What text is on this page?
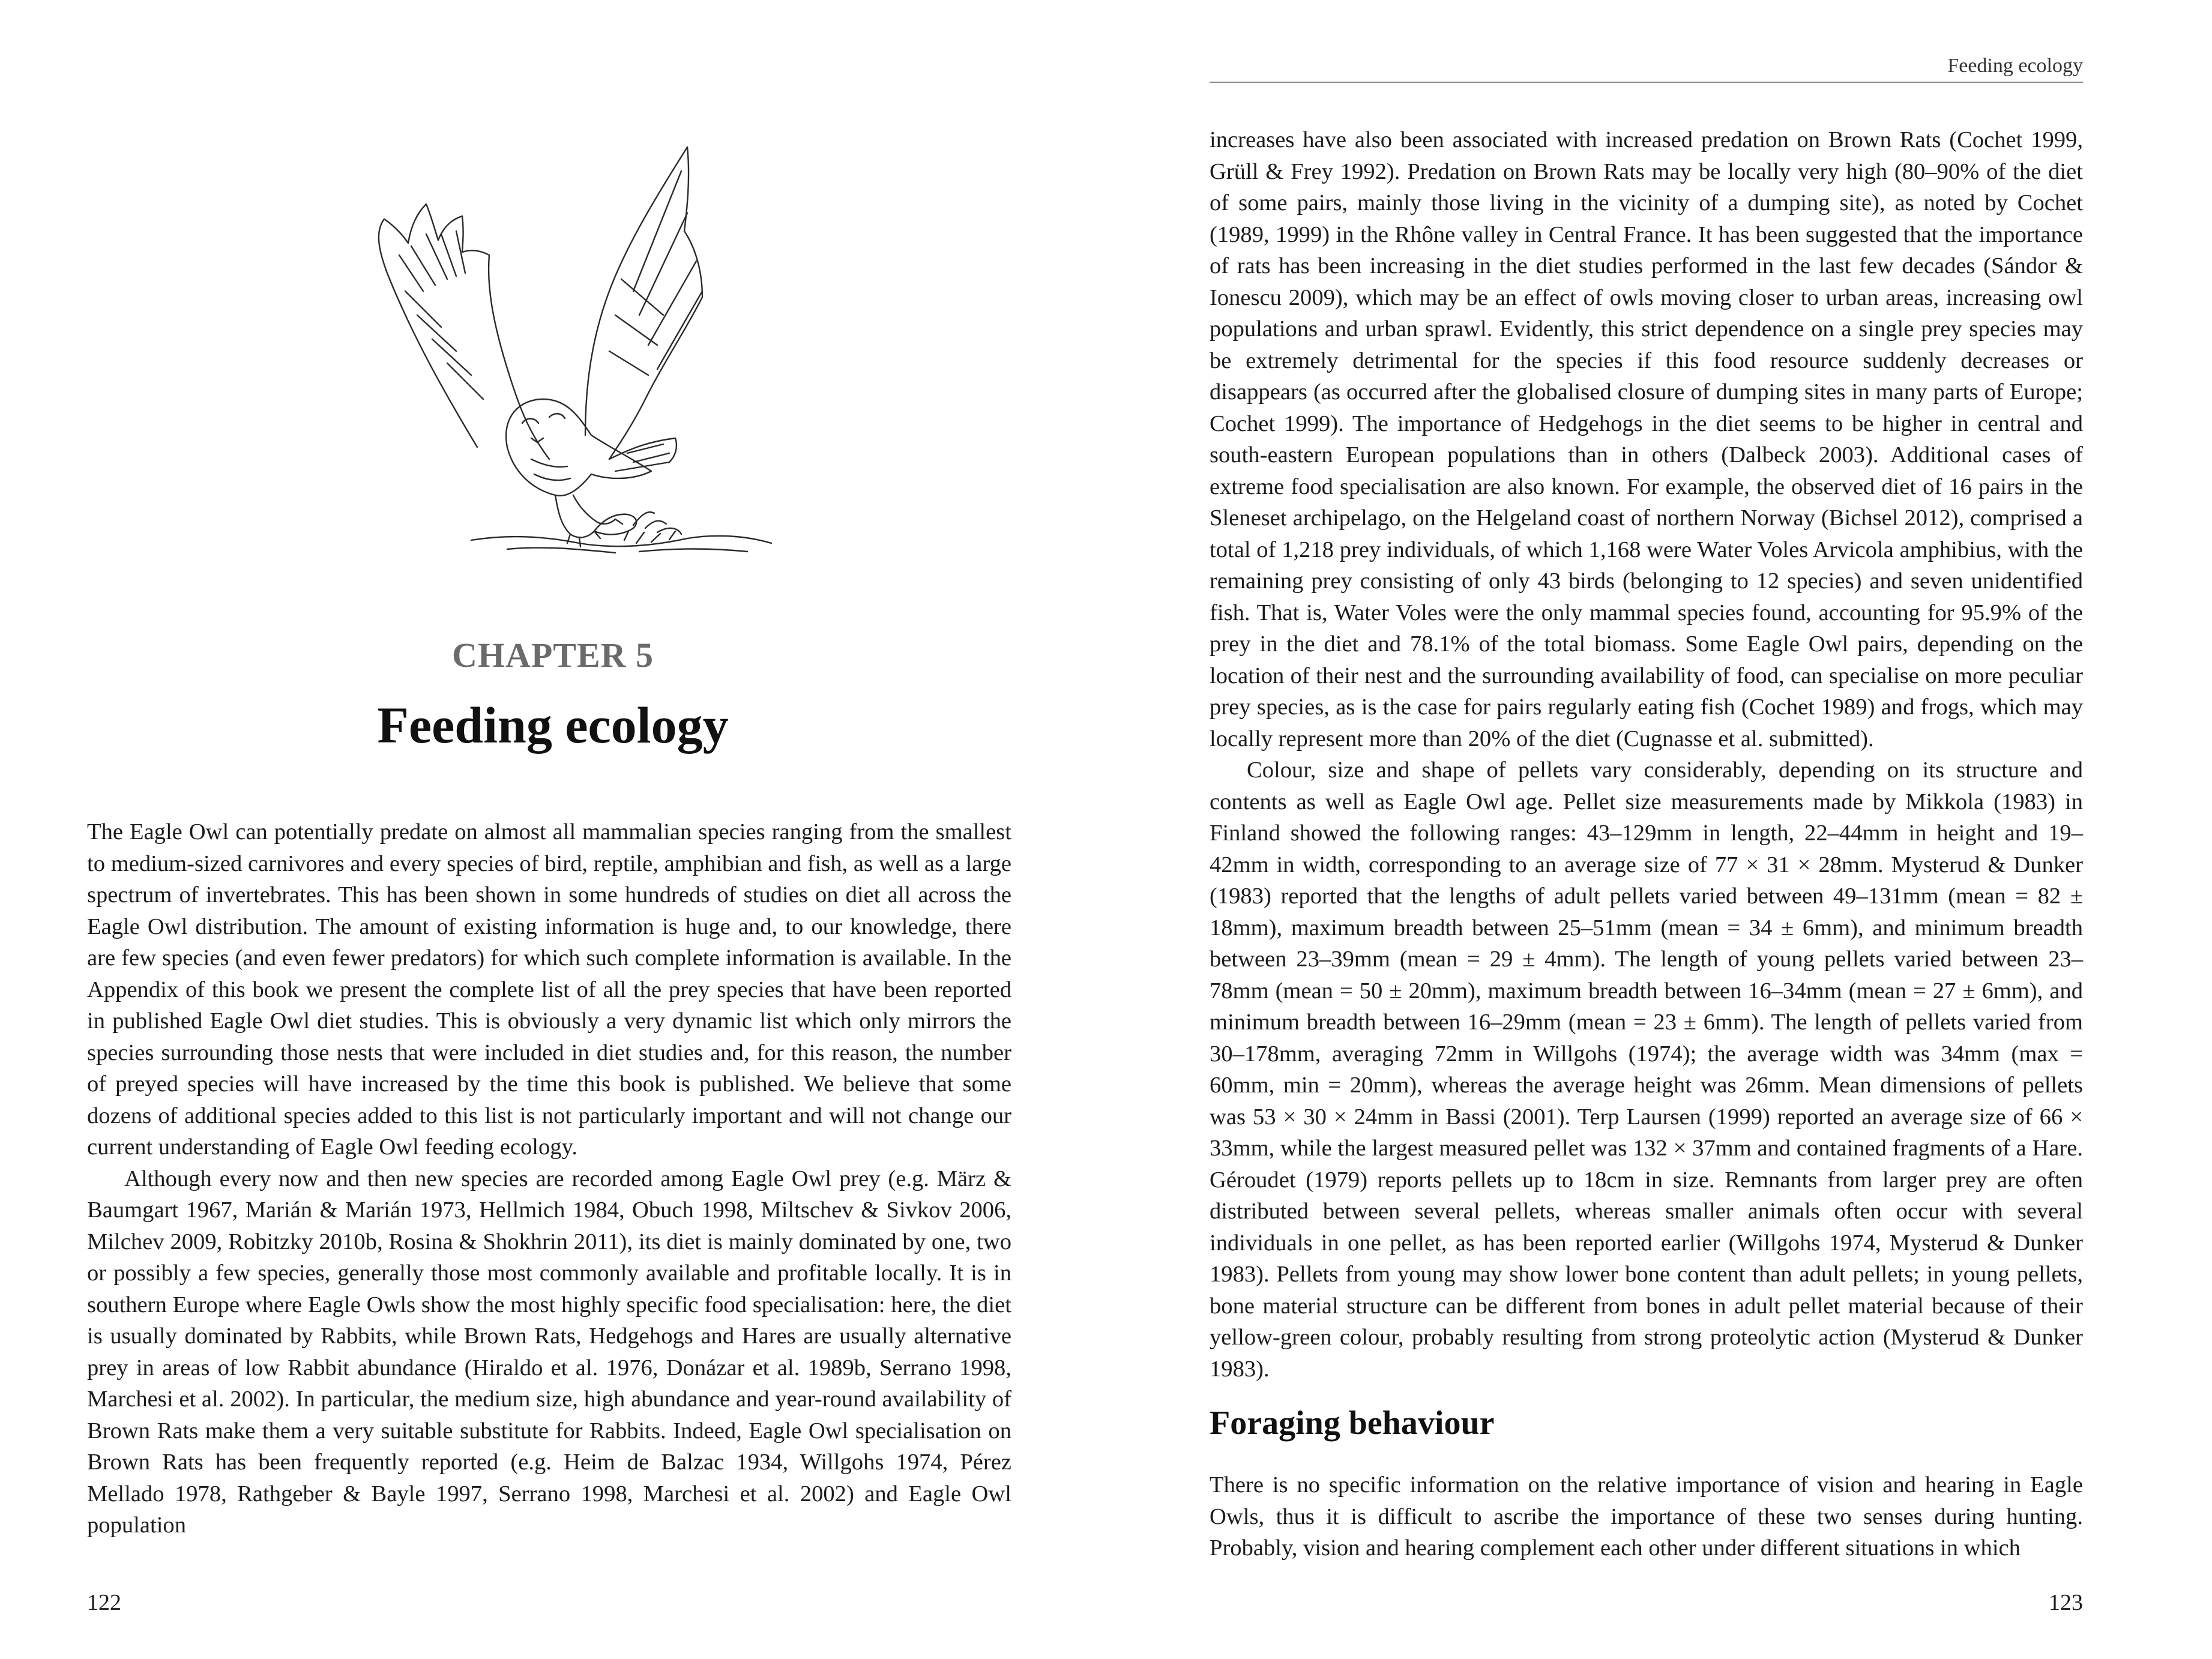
CHAPTER 5
Feeding ecology

The Eagle Owl can potentially predate on almost all mammalian species ranging from the smallest to medium-sized carnivores and every species of bird, reptile, amphibian and fish, as well as a large spectrum of invertebrates. This has been shown in some hundreds of studies on diet all across the Eagle Owl distribution. The amount of existing information is huge and, to our knowledge, there are few species (and even fewer predators) for which such complete information is available. In the Appendix of this book we present the complete list of all the prey species that have been reported in published Eagle Owl diet studies. This is obviously a very dynamic list which only mirrors the species surrounding those nests that were included in diet studies and, for this reason, the number of preyed species will have increased by the time this book is published. We believe that some dozens of additional species added to this list is not particularly important and will not change our current understanding of Eagle Owl feeding ecology.

Although every now and then new species are recorded among Eagle Owl prey (e.g. März & Baumgart 1967, Marián & Marián 1973, Hellmich 1984, Obuch 1998, Miltschev & Sivkov 2006, Milchev 2009, Robitzky 2010b, Rosina & Shokhrin 2011), its diet is mainly dominated by one, two or possibly a few species, generally those most commonly available and profitable locally. It is in southern Europe where Eagle Owls show the most highly specific food specialisation: here, the diet is usually dominated by Rabbits, while Brown Rats, Hedgehogs and Hares are usually alternative prey in areas of low Rabbit abundance (Hiraldo et al. 1976, Donázar et al. 1989b, Serrano 1998, Marchesi et al. 2002). In particular, the medium size, high abundance and year-round availability of Brown Rats make them a very suitable substitute for Rabbits. Indeed, Eagle Owl specialisation on Brown Rats has been frequently reported (e.g. Heim de Balzac 1934, Willgohs 1974, Pérez Mellado 1978, Rathgeber & Bayle 1997, Serrano 1998, Marchesi et al. 2002) and Eagle Owl population

122
Feeding ecology

increases have also been associated with increased predation on Brown Rats (Cochet 1999, Grüll & Frey 1992). Predation on Brown Rats may be locally very high (80–90% of the diet of some pairs, mainly those living in the vicinity of a dumping site), as noted by Cochet (1989, 1999) in the Rhône valley in Central France. It has been suggested that the importance of rats has been increasing in the diet studies performed in the last few decades (Sándor & Ionescu 2009), which may be an effect of owls moving closer to urban areas, increasing owl populations and urban sprawl. Evidently, this strict dependence on a single prey species may be extremely detrimental for the species if this food resource suddenly decreases or disappears (as occurred after the globalised closure of dumping sites in many parts of Europe; Cochet 1999). The importance of Hedgehogs in the diet seems to be higher in central and south-eastern European populations than in others (Dalbeck 2003). Additional cases of extreme food specialisation are also known. For example, the observed diet of 16 pairs in the Sleneset archipelago, on the Helgeland coast of northern Norway (Bichsel 2012), comprised a total of 1,218 prey individuals, of which 1,168 were Water Voles Arvicola amphibius, with the remaining prey consisting of only 43 birds (belonging to 12 species) and seven unidentified fish. That is, Water Voles were the only mammal species found, accounting for 95.9% of the prey in the diet and 78.1% of the total biomass. Some Eagle Owl pairs, depending on the location of their nest and the surrounding availability of food, can specialise on more peculiar prey species, as is the case for pairs regularly eating fish (Cochet 1989) and frogs, which may locally represent more than 20% of the diet (Cugnasse et al. submitted).

Colour, size and shape of pellets vary considerably, depending on its structure and contents as well as Eagle Owl age. Pellet size measurements made by Mikkola (1983) in Finland showed the following ranges: 43–129mm in length, 22–44mm in height and 19–42mm in width, corresponding to an average size of 77 × 31 × 28mm. Mysterud & Dunker (1983) reported that the lengths of adult pellets varied between 49–131mm (mean = 82 ± 18mm), maximum breadth between 25–51mm (mean = 34 ± 6mm), and minimum breadth between 23–39mm (mean = 29 ± 4mm). The length of young pellets varied between 23–78mm (mean = 50 ± 20mm), maximum breadth between 16–34mm (mean = 27 ± 6mm), and minimum breadth between 16–29mm (mean = 23 ± 6mm). The length of pellets varied from 30–178mm, averaging 72mm in Willgohs (1974); the average width was 34mm (max = 60mm, min = 20mm), whereas the average height was 26mm. Mean dimensions of pellets was 53 × 30 × 24mm in Bassi (2001). Terp Laursen (1999) reported an average size of 66 × 33mm, while the largest measured pellet was 132 × 37mm and contained fragments of a Hare. Géroudet (1979) reports pellets up to 18cm in size. Remnants from larger prey are often distributed between several pellets, whereas smaller animals often occur with several individuals in one pellet, as has been reported earlier (Willgohs 1974, Mysterud & Dunker 1983). Pellets from young may show lower bone content than adult pellets; in young pellets, bone material structure can be different from bones in adult pellet material because of their yellow-green colour, probably resulting from strong proteolytic action (Mysterud & Dunker 1983).

Foraging behaviour

There is no specific information on the relative importance of vision and hearing in Eagle Owls, thus it is difficult to ascribe the importance of these two senses during hunting. Probably, vision and hearing complement each other under different situations in which

123
